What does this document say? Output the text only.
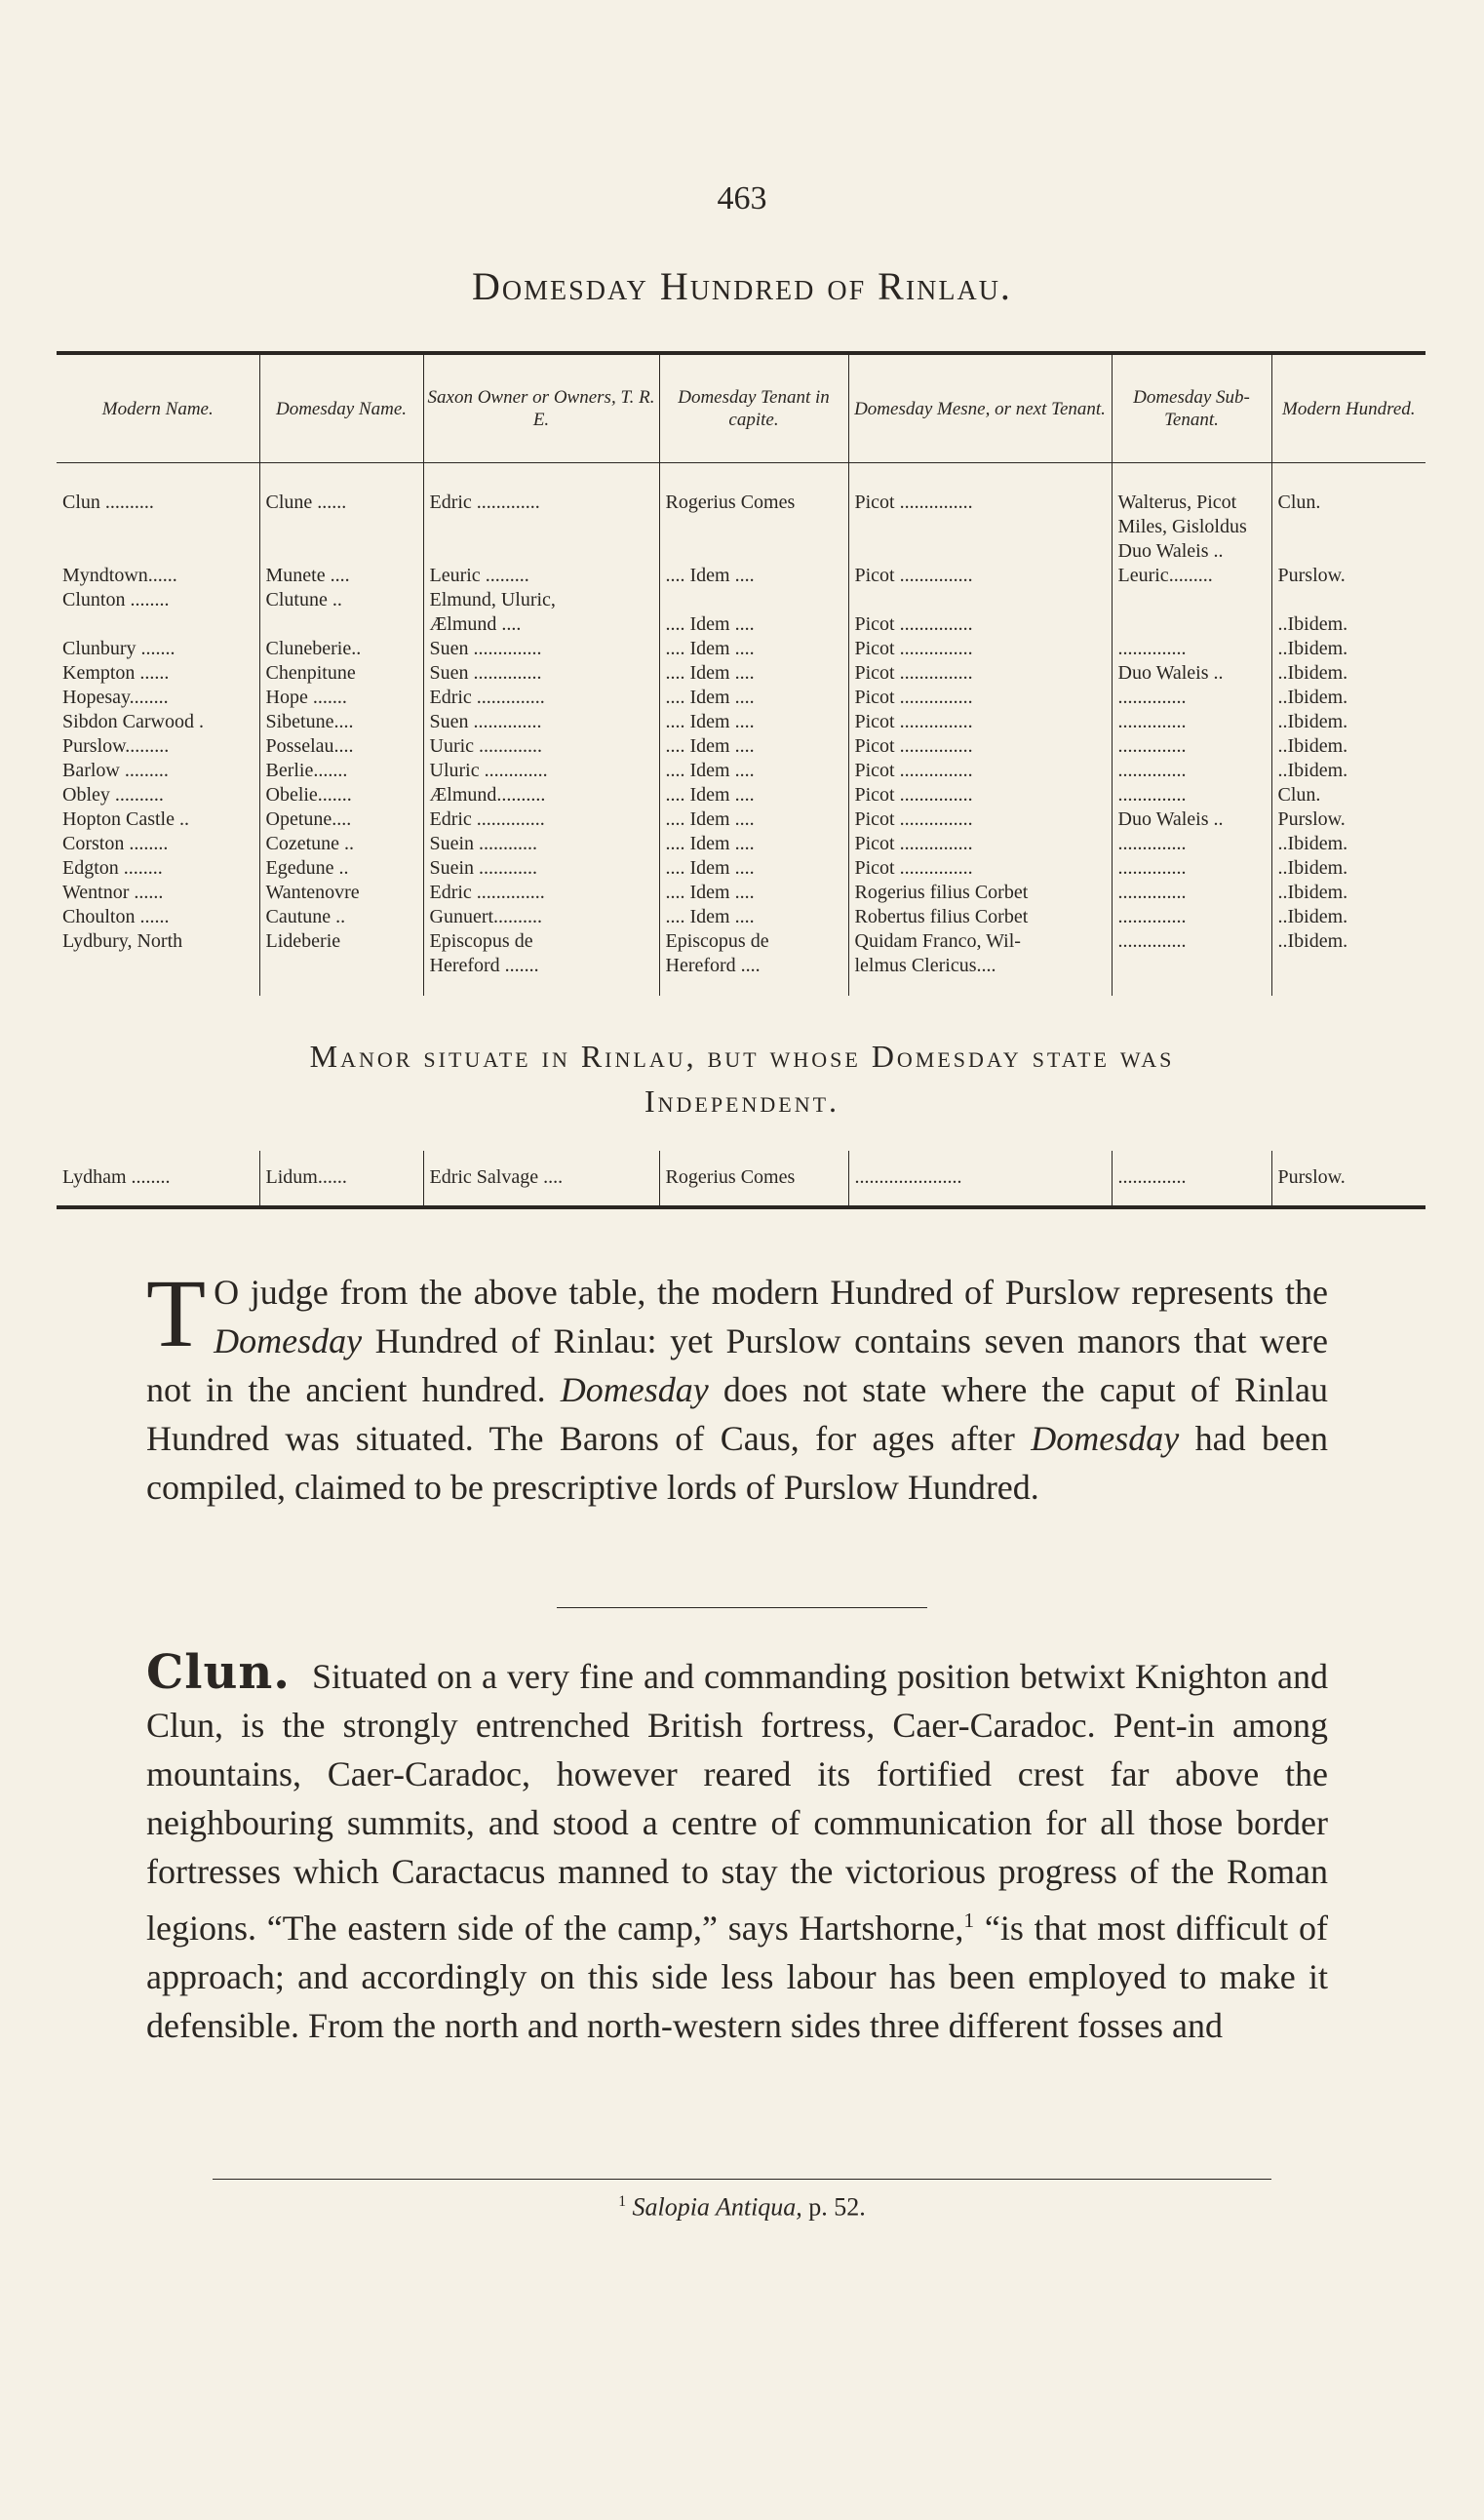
463
Domesday Hundred of Rinlau.
Modern Name.	Domesday Name.	Saxon Owner or Owners, T. R. E.	Domesday Tenant in capite.	Domesday Mesne, or next Tenant.	Domesday Sub-Tenant.	Modern Hundred.
Clun ..........	Clune ......	Edric .............	Rogerius Comes	Picot ...............	Walterus, Picot	Clun.
					Miles, Gisloldus	
					Duo Waleis ..	
Myndtown......	Munete ....	Leuric .........	.... Idem ....	Picot ...............	Leuric.........	Purslow.
Clunton ........	Clutune ..	Elmund, Uluric,				
		Ælmund ....	.... Idem ....	Picot ...............		..Ibidem.
Clunbury .......	Cluneberie..	Suen ..............	.... Idem ....	Picot ...............	..............	..Ibidem.
Kempton ......	Chenpitune	Suen ..............	.... Idem ....	Picot ...............	Duo Waleis ..	..Ibidem.
Hopesay........	Hope .......	Edric ..............	.... Idem ....	Picot ...............	..............	..Ibidem.
Sibdon Carwood .	Sibetune....	Suen ..............	.... Idem ....	Picot ...............	..............	..Ibidem.
Purslow.........	Posselau....	Uuric .............	.... Idem ....	Picot ...............	..............	..Ibidem.
Barlow .........	Berlie.......	Uluric .............	.... Idem ....	Picot ...............	..............	..Ibidem.
Obley ..........	Obelie.......	Ælmund..........	.... Idem ....	Picot ...............	..............	Clun.
Hopton Castle ..	Opetune....	Edric ..............	.... Idem ....	Picot ...............	Duo Waleis ..	Purslow.
Corston ........	Cozetune ..	Suein ............	.... Idem ....	Picot ...............	..............	..Ibidem.
Edgton ........	Egedune ..	Suein ............	.... Idem ....	Picot ...............	..............	..Ibidem.
Wentnor ......	Wantenovre	Edric ..............	.... Idem ....	Rogerius filius Corbet	..............	..Ibidem.
Choulton ......	Cautune ..	Gunuert..........	.... Idem ....	Robertus filius Corbet	..............	..Ibidem.
Lydbury, North	Lideberie	Episcopus de	Episcopus de	Quidam Franco, Wil-	..............	..Ibidem.
		Hereford .......	Hereford ....	lelmus Clericus....		
Manor situate in Rinlau, but whose Domesday state was
Independent.
Lydham ........	Lidum......	Edric Salvage ....	Rogerius Comes	......................	..............	Purslow.
T O judge from the above table, the modern Hundred of Purslow represents the Domesday Hundred of Rinlau: yet Purslow contains seven manors that were not in the ancient hundred. Domesday does not state where the caput of Rinlau Hundred was situated. The Barons of Caus, for ages after Domesday had been compiled, claimed to be prescriptive lords of Purslow Hundred.
Clun. Situated on a very fine and commanding position betwixt Knighton and Clun, is the strongly entrenched British fortress, Caer-Caradoc. Pent-in among mountains, Caer-Caradoc, however reared its fortified crest far above the neighbouring summits, and stood a centre of communication for all those border fortresses which Caractacus manned to stay the victorious progress of the Roman legions. “The eastern side of the camp,” says Hartshorne,$^1$ “is that most difficult of approach; and accordingly on this side less labour has been employed to make it defensible. From the north and north-western sides three different fosses and
$^1$ Salopia Antiqua, p. 52.
